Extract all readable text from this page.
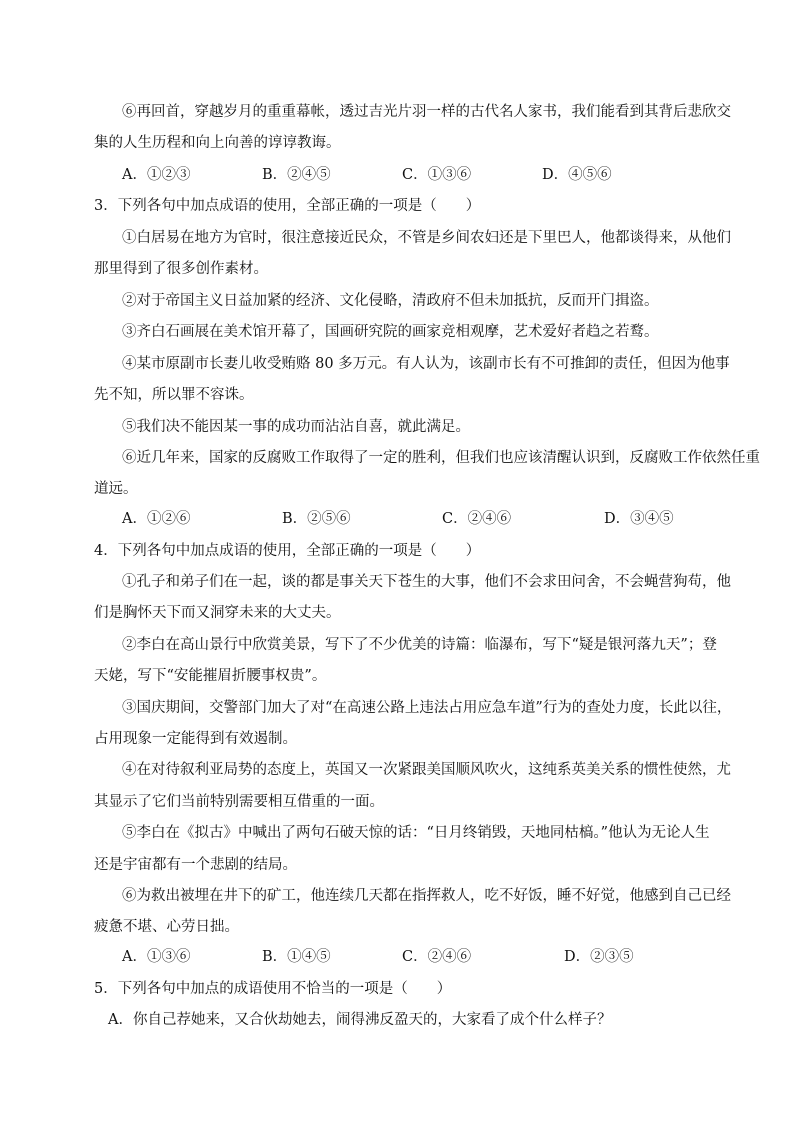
⑥再回首，穿越岁月的重重幕帐，透过吉光片羽一样的古代名人家书，我们能看到其背后悲欣交
集的人生历程和向上向善的谆谆教诲。
A．①②③	B．②④⑤	C．①③⑥	D．④⑤⑥
3．下列各句中加点成语的使用，全部正确的一项是（　　）
①白居易在地方为官时，很注意接近民众，不管是乡间农妇还是下里巴人，他都谈得来，从他们
那里得到了很多创作素材。
②对于帝国主义日益加紧的经济、文化侵略，清政府不但未加抵抗，反而开门揖盗。
③齐白石画展在美术馆开幕了，国画研究院的画家竞相观摩，艺术爱好者趋之若鹜。
④某市原副市长妻儿收受贿赂 80 多万元。有人认为，该副市长有不可推卸的责任，但因为他事
先不知，所以罪不容诛。
⑤我们决不能因某一事的成功而沾沾自喜，就此满足。
⑥近几年来，国家的反腐败工作取得了一定的胜利，但我们也应该清醒认识到，反腐败工作依然任重
道远。
A．①②⑥	B．②⑤⑥	C．②④⑥	D．③④⑤
4．下列各句中加点成语的使用，全部正确的一项是（　　）
①孔子和弟子们在一起，谈的都是事关天下苍生的大事，他们不会求田问舍，不会蝇营狗苟，他
们是胸怀天下而又洞穿未来的大丈夫。
②李白在高山景行中欣赏美景，写下了不少优美的诗篇：临瀑布，写下“疑是银河落九天”；登
天姥，写下“安能摧眉折腰事权贵”。
③国庆期间，交警部门加大了对“在高速公路上违法占用应急车道”行为的查处力度，长此以往，
占用现象一定能得到有效遏制。
④在对待叙利亚局势的态度上，英国又一次紧跟美国顺风吹火，这纯系英美关系的惯性使然，尤
其显示了它们当前特别需要相互借重的一面。
⑤李白在《拟古》中喊出了两句石破天惊的话：“日月终销毁，天地同枯槁。”他认为无论人生
还是宇宙都有一个悲剧的结局。
⑥为救出被埋在井下的矿工，他连续几天都在指挥救人，吃不好饭，睡不好觉，他感到自己已经
疲惫不堪、心劳日拙。
A．①③⑥	B．①④⑤	C．②④⑥	D．②③⑤
5．下列各句中加点的成语使用不恰当的一项是（　　）
A．你自己荐她来，又合伙劫她去，闹得沸反盈天的，大家看了成个什么样子？
